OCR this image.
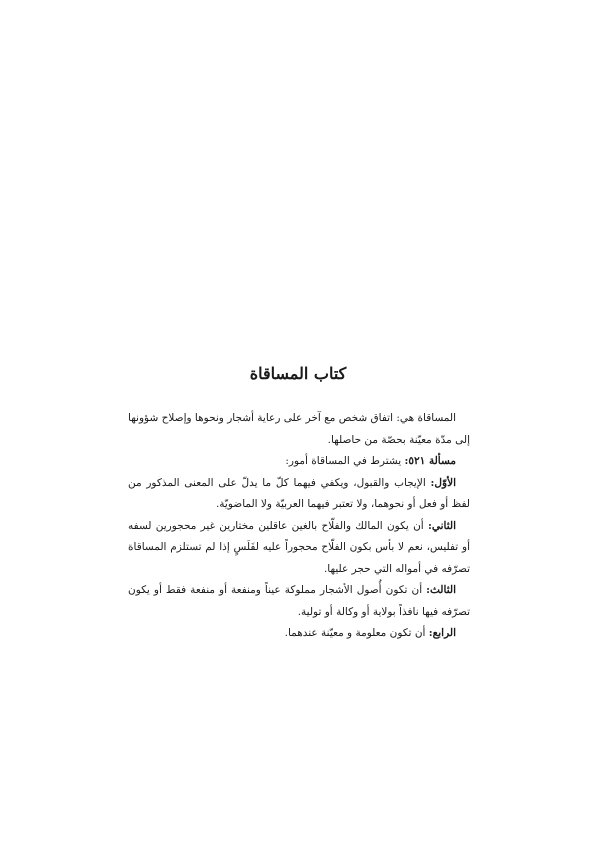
كتاب المساقاة

المساقاة هي: اتفاق شخص مع آخر على رعاية أشجار ونحوها وإصلاح شؤونها إلى مدّة معيّنة بحصّة من حاصلها.

مسألة ٥٢١: يشترط في المساقاة أمور:

الأوّل: الإيجاب والقبول، ويكفي فيهما كلّ ما يدلّ على المعنى المذكور من لفظ أو فعل أو نحوهما، ولا تعتبر فيهما العربيّة ولا الماضويّة.

الثاني: أن يكون المالك والفلّاح بالغين عاقلين مختارين غير محجورين لسفه أو تفليس، نعم لا بأس بكون الفلّاح محجوراً عليه لفَلَسٍ إذا لم تستلزم المساقاة تصرّفه في أمواله التي حجر عليها.

الثالث: أن تكون أُصول الأشجار مملوكة عيناً ومنفعة أو منفعة فقط أو يكون تصرّفه فيها نافذاً بولاية أو وكالة أو تولية.

الرابع: أن تكون معلومة و معيّنة عندهما.
